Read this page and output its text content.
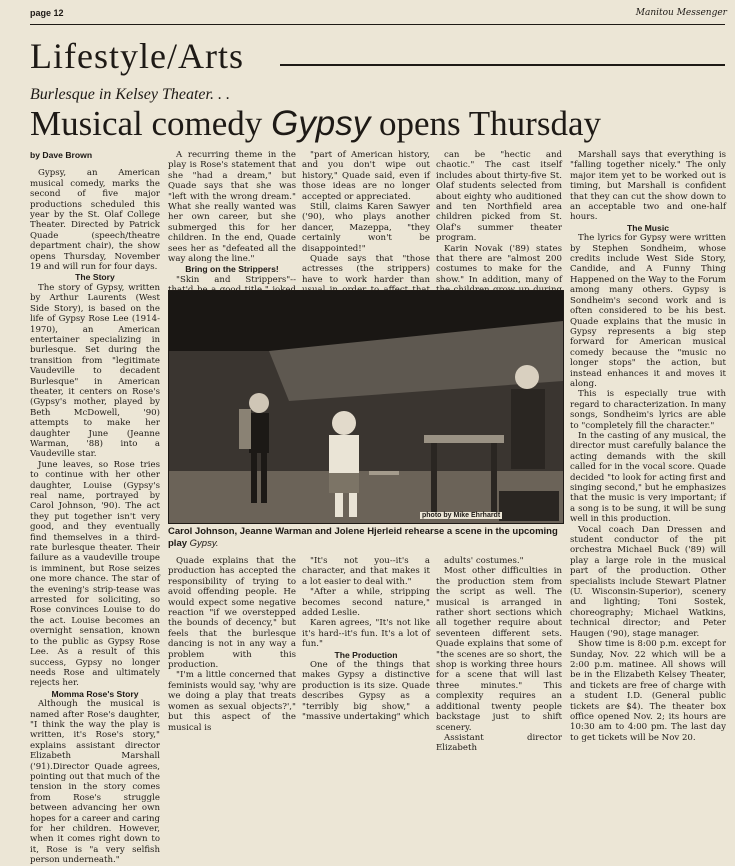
page 12	Manitou Messenger
Lifestyle/Arts
Burlesque in Kelsey Theater. . .
Musical comedy Gypsy opens Thursday

by Dave Brown

Gypsy, an American musical comedy, marks the second of five major productions scheduled this year by the St. Olaf College Theater. Directed by Patrick Quade (speech/theatre department chair), the show opens Thursday, November 19 and will run for four days.

The Story

The story of Gypsy, written by Arthur Laurents (West Side Story), is based on the life of Gypsy Rose Lee (1914-1970), an American entertainer specializing in burlesque. Set during the transition from "legitimate Vaudeville to decadent Burlesque" in American theater, it centers on Rose's (Gypsy's mother, played by Beth McDowell, '90) attempts to make her daughter June (Jeanne Warman, '88) into a Vaudeville star.

June leaves, so Rose tries to continue with her other daughter, Louise (Gypsy's real name, portrayed by Carol Johnson, '90). The act they put together isn't very good, and they eventually find themselves in a third-rate burlesque theater. Their failure as a vaudeville troupe is imminent, but Rose seizes one more chance. The star of the evening's strip-tease was arrested for soliciting, so Rose convinces Louise to do the act. Louise becomes an overnight sensation, known to the public as Gypsy Rose Lee. As a result of this success, Gypsy no longer needs Rose and ultimately rejects her.

Momma Rose's Story

Although the musical is named after Rose's daughter, "I think the way the play is written, it's Rose's story," explains assistant director Elizabeth Marshall ('91).Director Quade agrees, pointing out that much of the tension in the story comes from Rose's struggle between advancing her own hopes for a career and caring for her children. However, when it comes right down to it, Rose is "a very selfish person underneath."

A recurring theme in the play is Rose's statement that she "had a dream," but Quade says that she was "left with the wrong dream." What she really wanted was her own career, but she submerged this for her children. In the end, Quade sees her as "defeated all the way along the line."

Bring on the Strippers!

"Skin and Strippers"--

"part of American history, and you don't wipe out history," Quade said, even if those ideas are no longer accepted or appreciated.

Still, claims Karen Sawyer ('90), who plays another dancer, Mazeppa, "they certainly won't be disappointed!"

Quade says that "those actresses (the strippers) have to work harder than

can be "hectic and chaotic." The cast itself includes about thirty-five St. Olaf students selected from about eighty who auditioned and ten Northfield area children picked from St. Olaf's summer theater program.

Karin Novak ('89) states that there are "almost 200 costumes to make for the show." In addition, many of

Marshall says that everything is "falling together nicely." The only major item yet to be worked out is timing, but Marshall is confident that they can cut the show down to an acceptable two and one-half hours.

The Music

The lyrics for Gypsy were written by Stephen Sondheim, whose credits include West Side Story, Candide, and A Funny Thing Happened on the Way to the Forum among many others. Gypsy is Sondheim's second work and is often considered to be his best. Quade explains that the music in Gypsy represents a big step forward for American musical comedy because the "music no longer stops" the action, but instead enhances it and moves it along.

This is especially true with regard to characterization. In many songs, Sondheim's lyrics are able to "completely fill the character."

In the casting of any musical, the director must carefully balance the acting demands with the skill called for in the vocal score. Quade decided "to look for acting first and singing second," but he emphasizes that the music is very important; if a song is to be sung, it will be sung well in this production.

Vocal coach Dan Dressen and student conductor of the pit orchestra Michael Buck ('89) will play a large role in the musical part of the production. Other specialists include Stewart Platner (U. Wisconsin-Superior), scenery and lighting; Toni Sostek, choreography; Michael Watkins, technical director; and Peter Haugen ('90), stage manager.

Show time is 8:00 p.m. except for Sunday, Nov. 22 which will be a 2:00 p.m. matinee. All shows will be in the Elizabeth Kelsey Theater, and tickets are free of charge with a student I.D. (General public tickets are $4). The theater box office opened Nov. 2; its hours are 10:30 am to 4:00 pm. The last day to get tickets will be Nov 20.

photo by Mike Ehrhardt
Carol Johnson, Jeanne Warman and Jolene Hjerleid rehearse a scene in the upcoming play Gypsy.

Quade explains that the production has accepted the responsibility of trying to avoid offending people. He would expect some negative reaction "if we overstepped the bounds of decency," but feels that the burlesque dancing is not in any way a problem with this production.

"I'm a little concerned that feminists would say, 'why are we doing a play that treats women as sexual objects?'," but this aspect of the musical is

"It's not you--it's a character, and that makes it a lot easier to deal with."

"After a while, stripping becomes second nature," added Leslie.

Karen agrees, "It's not like it's hard--it's fun. It's a lot of fun."

The Production

One of the things that makes Gypsy a distinctive production is its size. Quade describes Gypsy as a "terribly big show," a "massive undertaking" which

adults' costumes."

Most other difficulties in the production stem from the script as well. The musical is arranged in rather short sections which all together require about seventeen different sets. Quade explains that some of "the scenes are so short, the shop is working three hours for a scene that will last three minutes." This complexity requires an additional twenty people backstage just to shift scenery.

Assistant director Elizabeth
